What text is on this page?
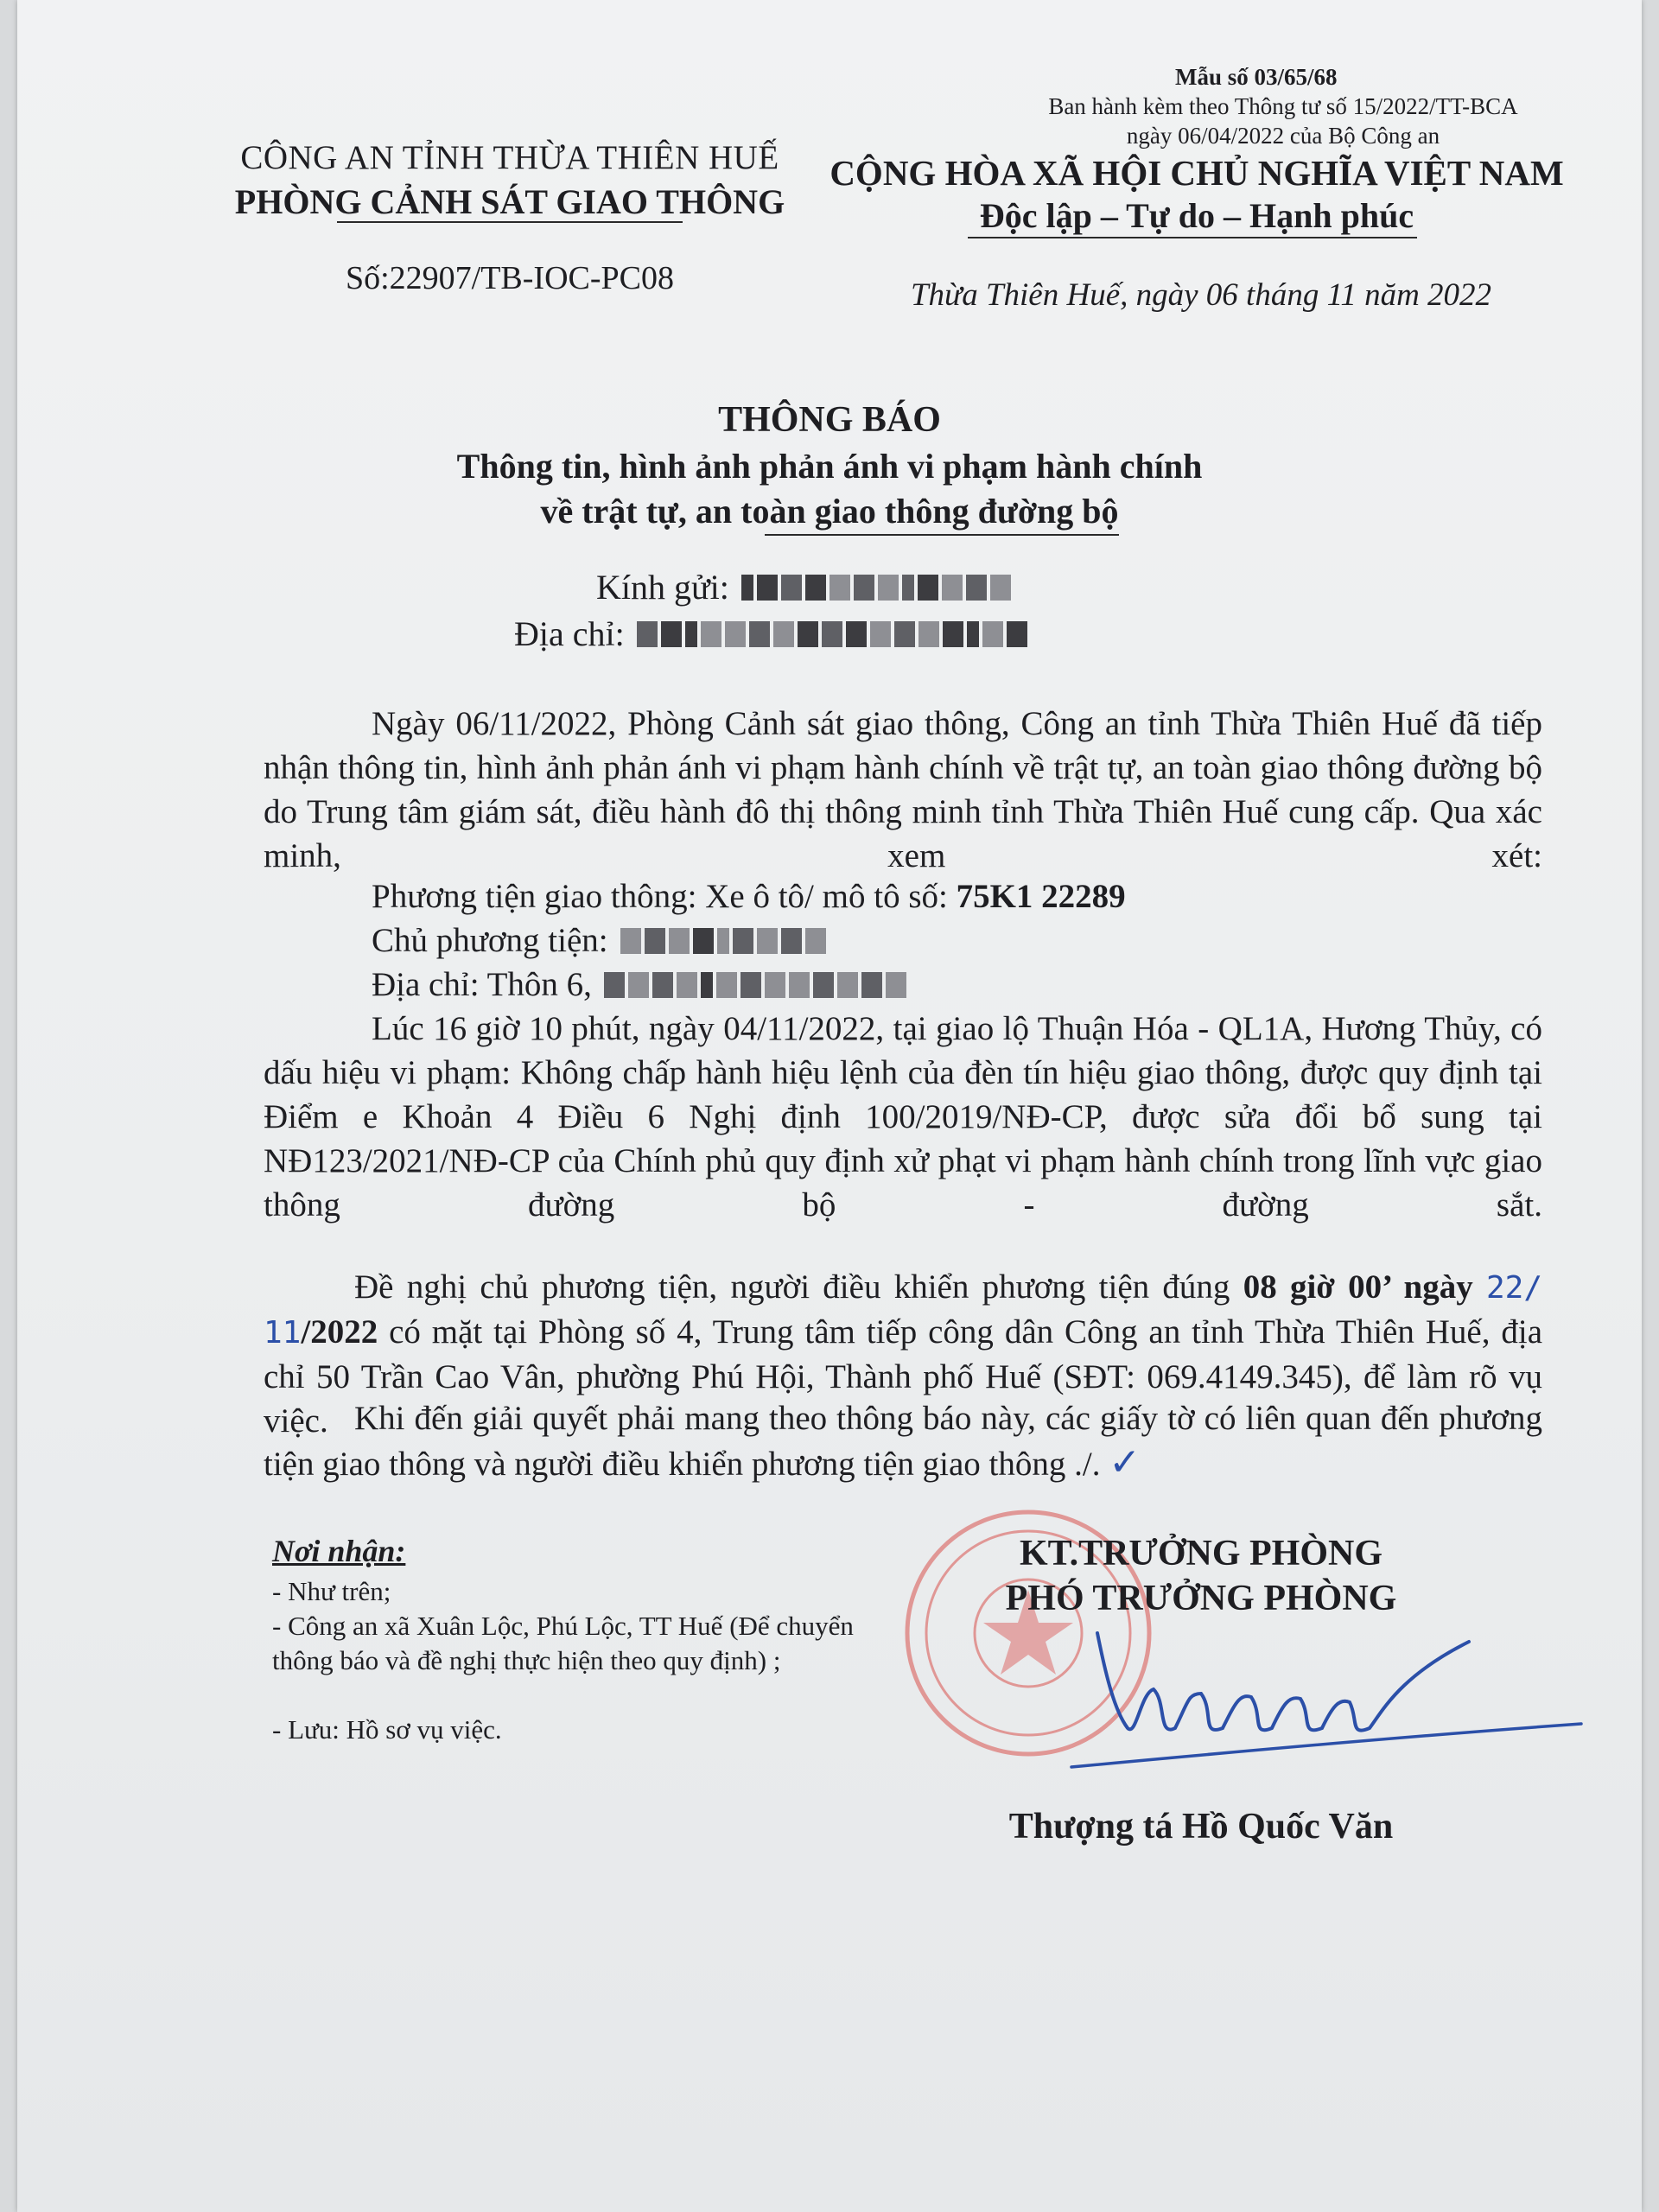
Mẫu số 03/65/68
Ban hành kèm theo Thông tư số 15/2022/TT-BCA
ngày 06/04/2022 của Bộ Công an
CÔNG AN TỈNH THỪA THIÊN HUẾ
PHÒNG CẢNH SÁT GIAO THÔNG
CỘNG HÒA XÃ HỘI CHỦ NGHĨA VIỆT NAM
Độc lập – Tự do – Hạnh phúc
Số:22907/TB-IOC-PC08	Thừa Thiên Huế, ngày 06 tháng 11 năm 2022
THÔNG BÁO
Thông tin, hình ảnh phản ánh vi phạm hành chính
về trật tự, an toàn giao thông đường bộ
Kính gửi:
Địa chỉ:
Ngày 06/11/2022, Phòng Cảnh sát giao thông, Công an tỉnh Thừa Thiên Huế đã tiếp nhận thông tin, hình ảnh phản ánh vi phạm hành chính về trật tự, an toàn giao thông đường bộ do Trung tâm giám sát, điều hành đô thị thông minh tỉnh Thừa Thiên Huế cung cấp. Qua xác minh, xem xét:
Phương tiện giao thông: Xe ô tô/ mô tô số: 75K1 22289
Chủ phương tiện:
Địa chỉ: Thôn 6,
Lúc 16 giờ 10 phút, ngày 04/11/2022, tại giao lộ Thuận Hóa - QL1A, Hương Thủy, có dấu hiệu vi phạm: Không chấp hành hiệu lệnh của đèn tín hiệu giao thông, được quy định tại Điểm e Khoản 4 Điều 6 Nghị định 100/2019/NĐ-CP, được sửa đổi bổ sung tại NĐ123/2021/NĐ-CP của Chính phủ quy định xử phạt vi phạm hành chính trong lĩnh vực giao thông đường bộ - đường sắt.
Đề nghị chủ phương tiện, người điều khiển phương tiện đúng 08 giờ 00’ ngày 22/ 11/2022 có mặt tại Phòng số 4, Trung tâm tiếp công dân Công an tỉnh Thừa Thiên Huế, địa chỉ 50 Trần Cao Vân, phường Phú Hội, Thành phố Huế (SĐT: 069.4149.345), để làm rõ vụ việc. Khi đến giải quyết phải mang theo thông báo này, các giấy tờ có liên quan đến phương tiện giao thông và người điều khiển phương tiện giao thông ./. ✓
Nơi nhận:
- Như trên;
- Công an xã Xuân Lộc, Phú Lộc, TT Huế (Để chuyển thông báo và đề nghị thực hiện theo quy định) ;
- Lưu: Hồ sơ vụ việc.
KT.TRƯỞNG PHÒNG
PHÓ TRƯỞNG PHÒNG
Thượng tá Hồ Quốc Văn
